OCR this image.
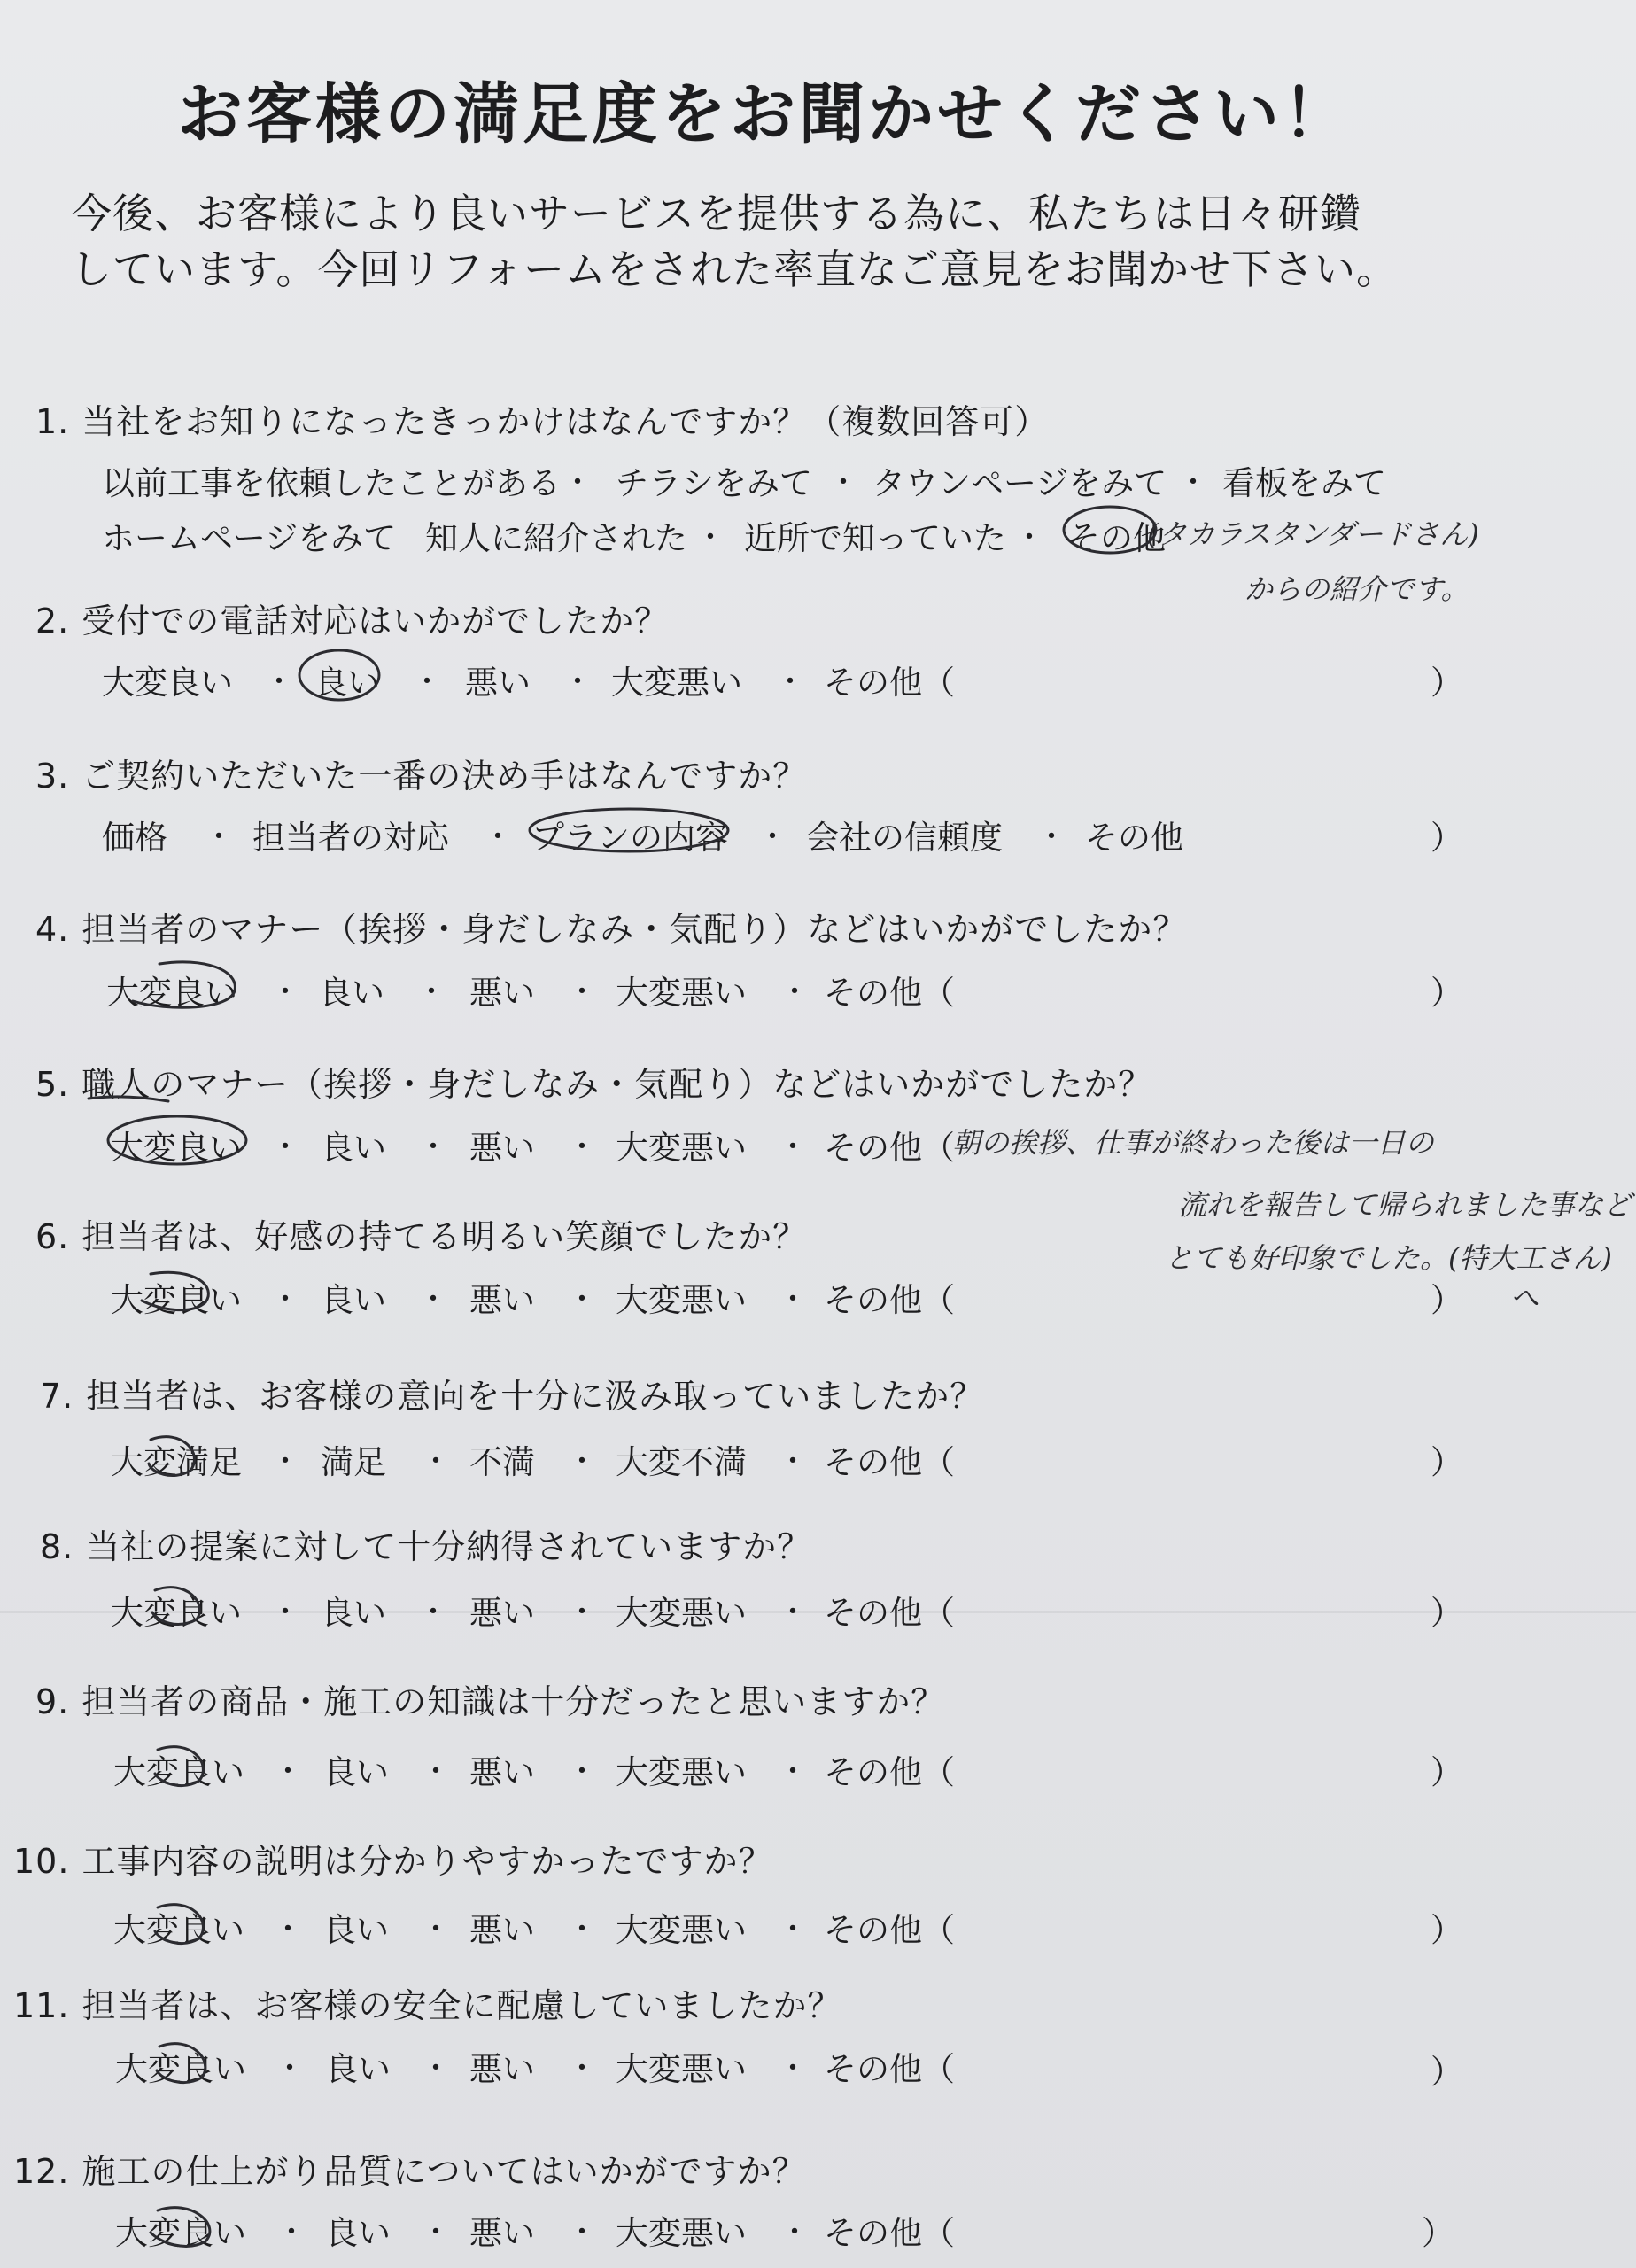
お客様の満足度をお聞かせください！
今後、お客様により良いサービスを提供する為に、私たちは日々研鑽
しています。今回リフォームをされた率直なご意見をお聞かせ下さい。
1. 当社をお知りになったきっかけはなんですか？（複数回答可）
以前工事を依頼したことがある ・ チラシをみて ・ タウンページをみて ・ 看板をみて
ホームページをみて 知人に紹介された ・ 近所で知っていた ・ その他
(タカラスタンダードさん)
からの紹介です。
2. 受付での電話対応はいかがでしたか？
大変良い ・ 良い ・ 悪い ・ 大変悪い ・ その他（	）
3. ご契約いただいた一番の決め手はなんですか？
価格 ・ 担当者の対応 ・ プランの内容 ・ 会社の信頼度 ・ その他	）
4. 担当者のマナー（挨拶・身だしなみ・気配り）などはいかがでしたか？
大変良い ・ 良い ・ 悪い ・ 大変悪い ・ その他（	）
5. 職人のマナー（挨拶・身だしなみ・気配り）などはいかがでしたか？
大変良い ・ 良い ・ 悪い ・ 大変悪い ・ その他（
朝の挨拶、仕事が終わった後は一日の
流れを報告して帰られました事など
とても好印象でした。(特大工さん)
へ
6. 担当者は、好感の持てる明るい笑顔でしたか？
大変良い ・ 良い ・ 悪い ・ 大変悪い ・ その他（	）
7. 担当者は、お客様の意向を十分に汲み取っていましたか？
大変満足 ・ 満足 ・ 不満 ・ 大変不満 ・ その他（	）
8. 当社の提案に対して十分納得されていますか？
大変良い ・ 良い ・ 悪い ・ 大変悪い ・ その他（	）
9. 担当者の商品・施工の知識は十分だったと思いますか？
大変良い ・ 良い ・ 悪い ・ 大変悪い ・ その他（	）
10. 工事内容の説明は分かりやすかったですか？
大変良い ・ 良い ・ 悪い ・ 大変悪い ・ その他（	）
11. 担当者は、お客様の安全に配慮していましたか？
大変良い ・ 良い ・ 悪い ・ 大変悪い ・ その他（	）
12. 施工の仕上がり品質についてはいかがですか？
大変良い ・ 良い ・ 悪い ・ 大変悪い ・ その他（	）
